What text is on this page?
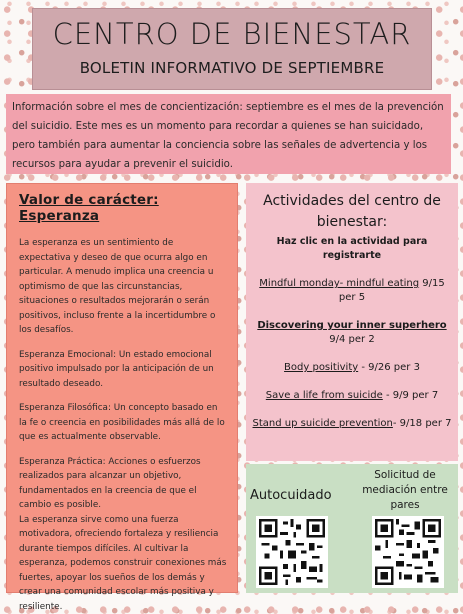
CENTRO DE BIENESTAR
BOLETIN INFORMATIVO DE SEPTIEMBRE
Información sobre el mes de concientización: septiembre es el mes de la prevención del suicidio. Este mes es un momento para recordar a quienes se han suicidado, pero también para aumentar la conciencia sobre las señales de advertencia y los recursos para ayudar a prevenir el suicidio.
Valor de carácter: Esperanza

La esperanza es un sentimiento de expectativa y deseo de que ocurra algo en particular. A menudo implica una creencia u optimismo de que las circunstancias, situaciones o resultados mejorarán o serán positivos, incluso frente a la incertidumbre o los desafíos.

Esperanza Emocional: Un estado emocional positivo impulsado por la anticipación de un resultado deseado.

Esperanza Filosófica: Un concepto basado en la fe o creencia en posibilidades más allá de lo que es actualmente observable.

Esperanza Práctica: Acciones o esfuerzos realizados para alcanzar un objetivo, fundamentados en la creencia de que el cambio es posible.
La esperanza sirve como una fuerza motivadora, ofreciendo fortaleza y resiliencia durante tiempos difíciles. Al cultivar la esperanza, podemos construir conexiones más fuertes, apoyar los sueños de los demás y crear una comunidad escolar más positiva y resiliente.

Actividades del centro de bienestar:
Haz clic en la actividad para registrarte
Mindful monday- mindful eating 9/15 per 5
Discovering your inner superhero 9/4 per 2
Body positivity - 9/26 per 3
Save a life from suicide - 9/9 per 7
Stand up suicide prevention- 9/18 per 7
Autocuidado
Solicitud de mediación entre pares
